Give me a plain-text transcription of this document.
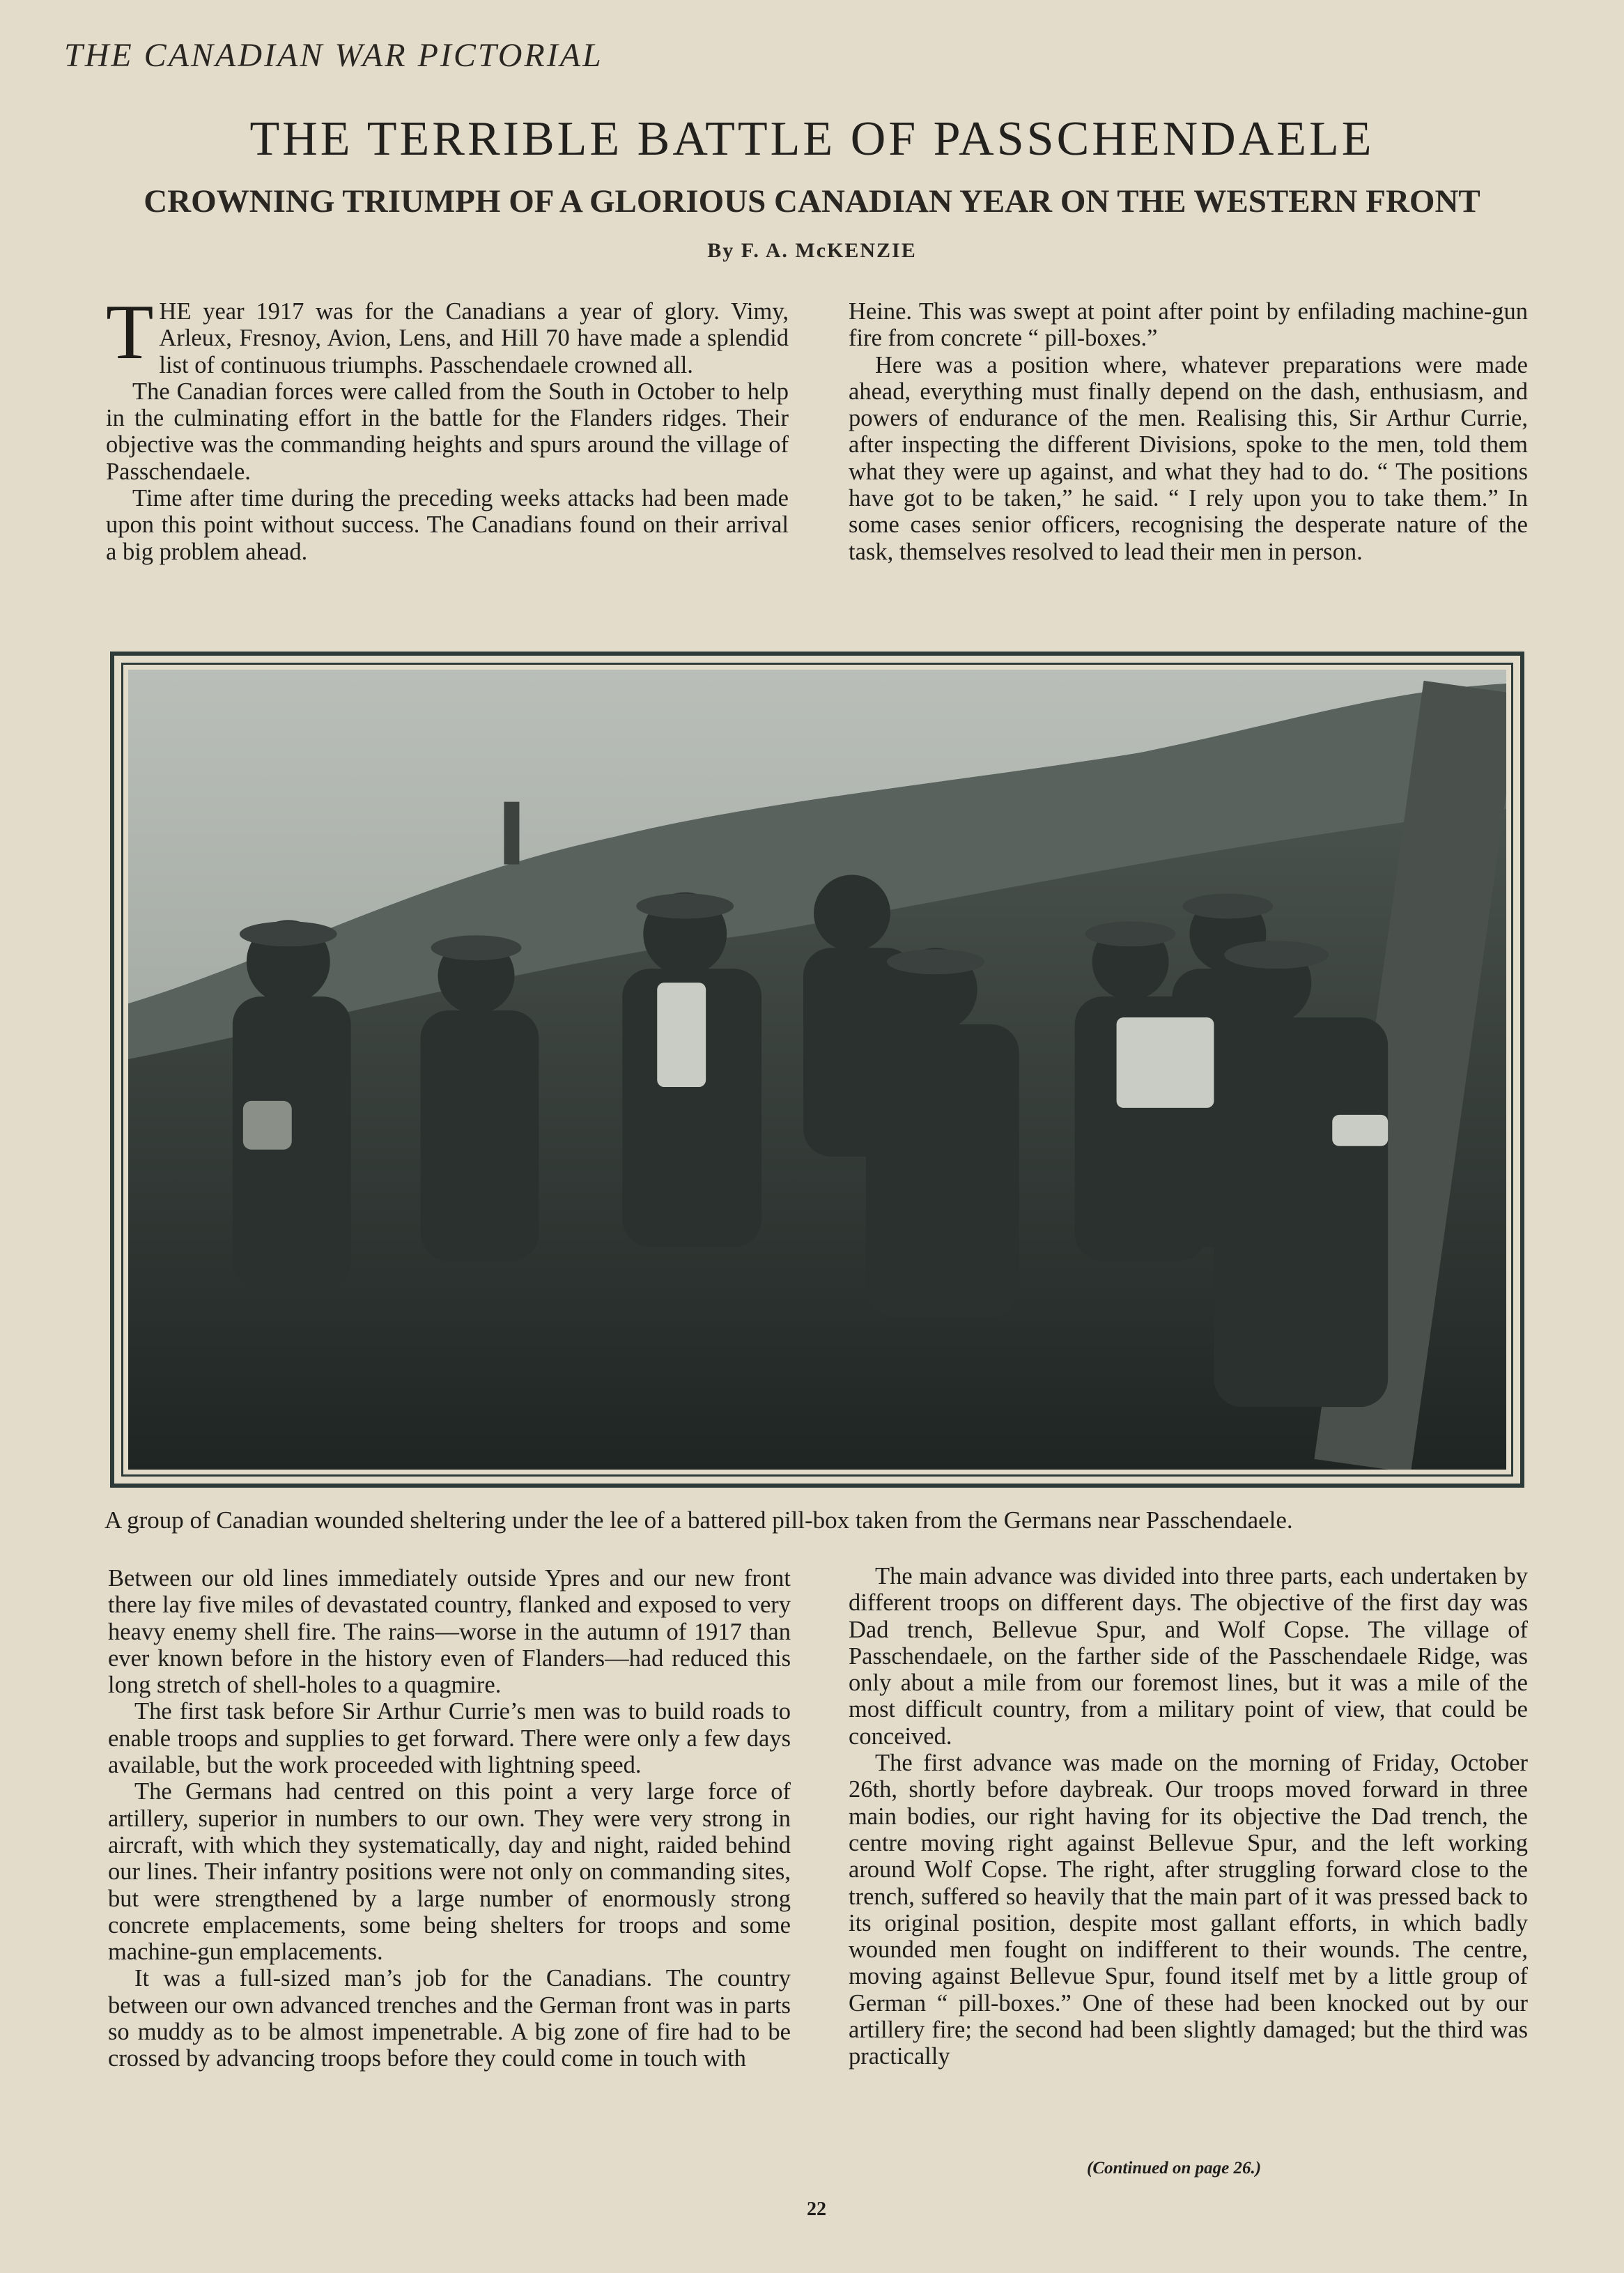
THE CANADIAN WAR PICTORIAL
THE TERRIBLE BATTLE OF PASSCHENDAELE
CROWNING TRIUMPH OF A GLORIOUS CANADIAN YEAR ON THE WESTERN FRONT
By F. A. McKENZIE
T HE year 1917 was for the Canadians a year of glory. Vimy, Arleux, Fresnoy, Avion, Lens, and Hill 70 have made a splendid list of continuous triumphs. Passchendaele crowned all.

The Canadian forces were called from the South in October to help in the culminating effort in the battle for the Flanders ridges. Their objective was the commanding heights and spurs around the village of Passchendaele.

Time after time during the preceding weeks attacks had been made upon this point without success. The Canadians found on their arrival a big problem ahead.

Heine. This was swept at point after point by enfilading machine-gun fire from concrete “ pill-boxes.”

Here was a position where, whatever preparations were made ahead, everything must finally depend on the dash, enthusiasm, and powers of endurance of the men. Realising this, Sir Arthur Currie, after inspecting the different Divisions, spoke to the men, told them what they were up against, and what they had to do. “ The positions have got to be taken,” he said. “ I rely upon you to take them.” In some cases senior officers, recognising the desperate nature of the task, themselves resolved to lead their men in person.

A group of Canadian wounded sheltering under the lee of a battered pill-box taken from the Germans near Passchendaele.

Between our old lines immediately outside Ypres and our new front there lay five miles of devastated country, flanked and exposed to very heavy enemy shell fire. The rains—worse in the autumn of 1917 than ever known before in the history even of Flanders—had reduced this long stretch of shell-holes to a quagmire.

The first task before Sir Arthur Currie’s men was to build roads to enable troops and supplies to get forward. There were only a few days available, but the work proceeded with lightning speed.

The Germans had centred on this point a very large force of artillery, superior in numbers to our own. They were very strong in aircraft, with which they systematically, day and night, raided behind our lines. Their infantry positions were not only on commanding sites, but were strengthened by a large number of enormously strong concrete emplacements, some being shelters for troops and some machine-gun emplacements.

It was a full-sized man’s job for the Canadians. The country between our own advanced trenches and the German front was in parts so muddy as to be almost impenetrable. A big zone of fire had to be crossed by advancing troops before they could come in touch with

The main advance was divided into three parts, each undertaken by different troops on different days. The objective of the first day was Dad trench, Bellevue Spur, and Wolf Copse. The village of Passchendaele, on the farther side of the Passchendaele Ridge, was only about a mile from our foremost lines, but it was a mile of the most difficult country, from a military point of view, that could be conceived.

The first advance was made on the morning of Friday, October 26th, shortly before daybreak. Our troops moved forward in three main bodies, our right having for its objective the Dad trench, the centre moving right against Bellevue Spur, and the left working around Wolf Copse. The right, after struggling forward close to the trench, suffered so heavily that the main part of it was pressed back to its original position, despite most gallant efforts, in which badly wounded men fought on indifferent to their wounds. The centre, moving against Bellevue Spur, found itself met by a little group of German “ pill-boxes.” One of these had been knocked out by our artillery fire; the second had been slightly damaged; but the third was practically

(Continued on page 26.)
22
